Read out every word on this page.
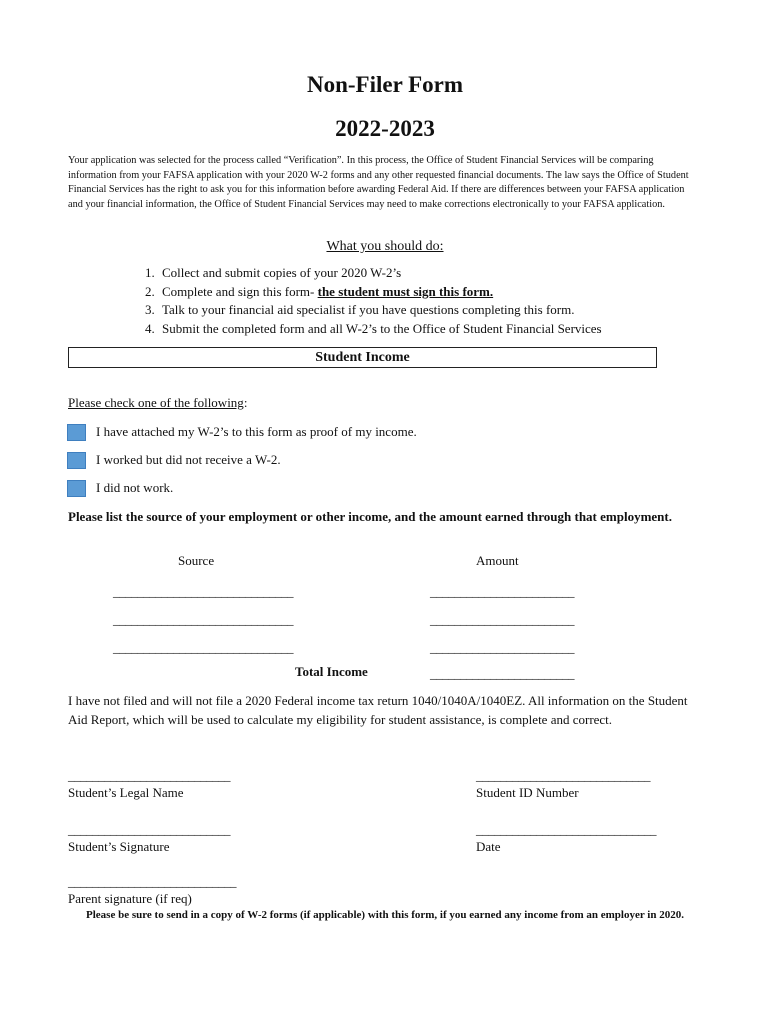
Non-Filer Form
2022-2023
Your application was selected for the process called “Verification”. In this process, the Office of Student Financial Services will be comparing information from your FAFSA application with your 2020 W-2 forms and any other requested financial documents. The law says the Office of Student Financial Services has the right to ask you for this information before awarding Federal Aid. If there are differences between your FAFSA application and your financial information, the Office of Student Financial Services may need to make corrections electronically to your FAFSA application.
What you should do:
1. Collect and submit copies of your 2020 W-2’s
2. Complete and sign this form- the student must sign this form.
3. Talk to your financial aid specialist if you have questions completing this form.
4. Submit the completed form and all W-2’s to the Office of Student Financial Services
Student Income
Please check one of the following:
I have attached my W-2’s to this form as proof of my income.
I worked but did not receive a W-2.
I did not work.
Please list the source of your employment or other income, and the amount earned through that employment.
Source	Amount
______________________________	________________________
______________________________	________________________
______________________________	________________________
Total Income	________________________
I have not filed and will not file a 2020 Federal income tax return 1040/1040A/1040EZ. All information on the Student Aid Report, which will be used to calculate my eligibility for student assistance, is complete and correct.
___________________________	_____________________________
Student’s Legal Name	Student ID Number
___________________________	______________________________
Student’s Signature	Date
____________________________
Parent signature (if req)
Please be sure to send in a copy of W-2 forms (if applicable) with this form, if you earned any income from an employer in 2020.
